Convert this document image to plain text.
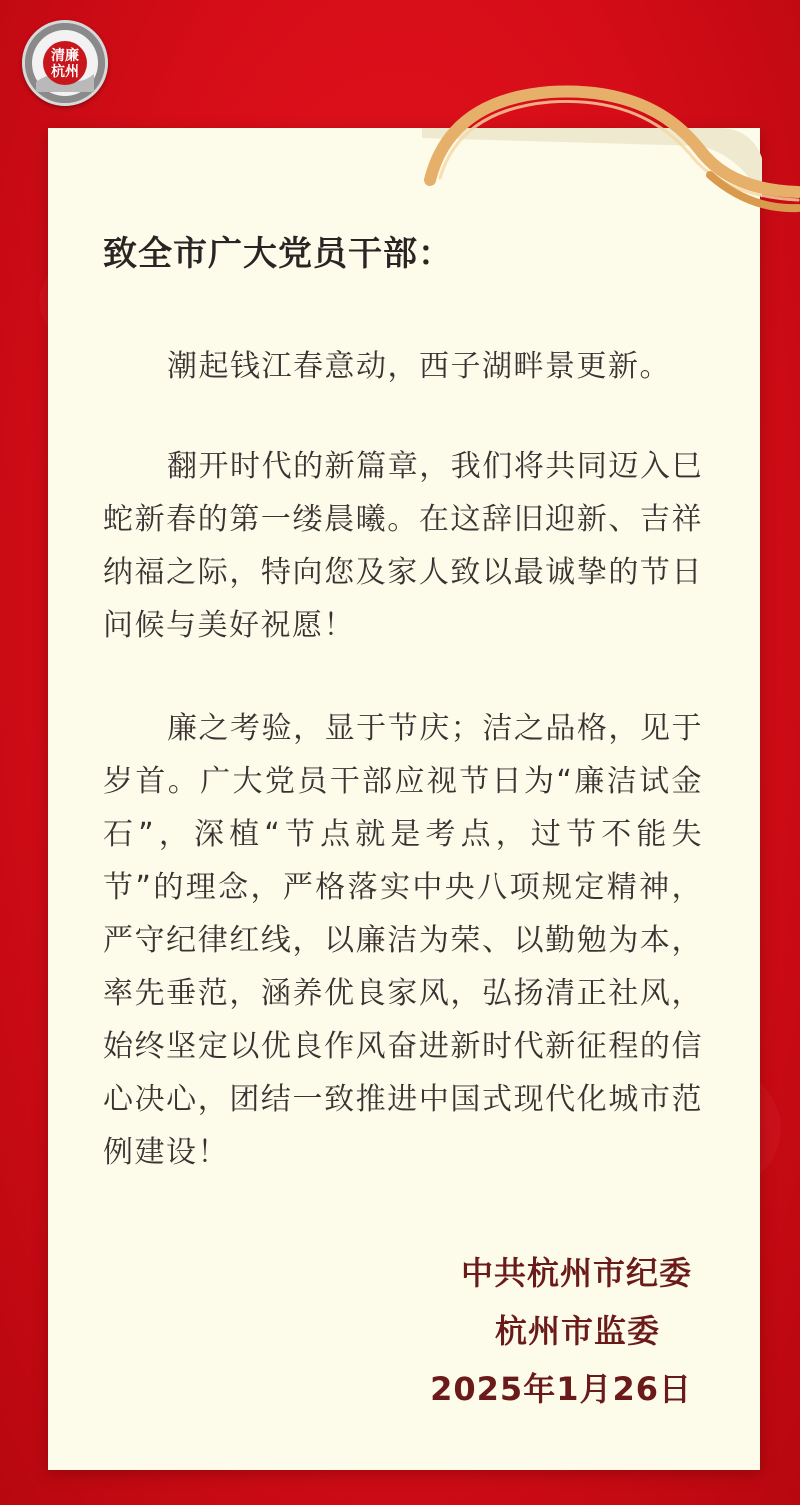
清廉
杭州
致全市广大党员干部：

潮起钱江春意动，西子湖畔景更新。

翻开时代的新篇章，我们将共同迈入巳蛇新春的第一缕晨曦。在这辞旧迎新、吉祥纳福之际，特向您及家人致以最诚挚的节日问候与美好祝愿！

廉之考验，显于节庆；洁之品格，见于岁首。广大党员干部应视节日为“廉洁试金石”，深植“节点就是考点，过节不能失节”的理念，严格落实中央八项规定精神，严守纪律红线，以廉洁为荣、以勤勉为本，率先垂范，涵养优良家风，弘扬清正社风，始终坚定以优良作风奋进新时代新征程的信心决心，团结一致推进中国式现代化城市范例建设！

中共杭州市纪委
杭州市监委
2025年1月26日
